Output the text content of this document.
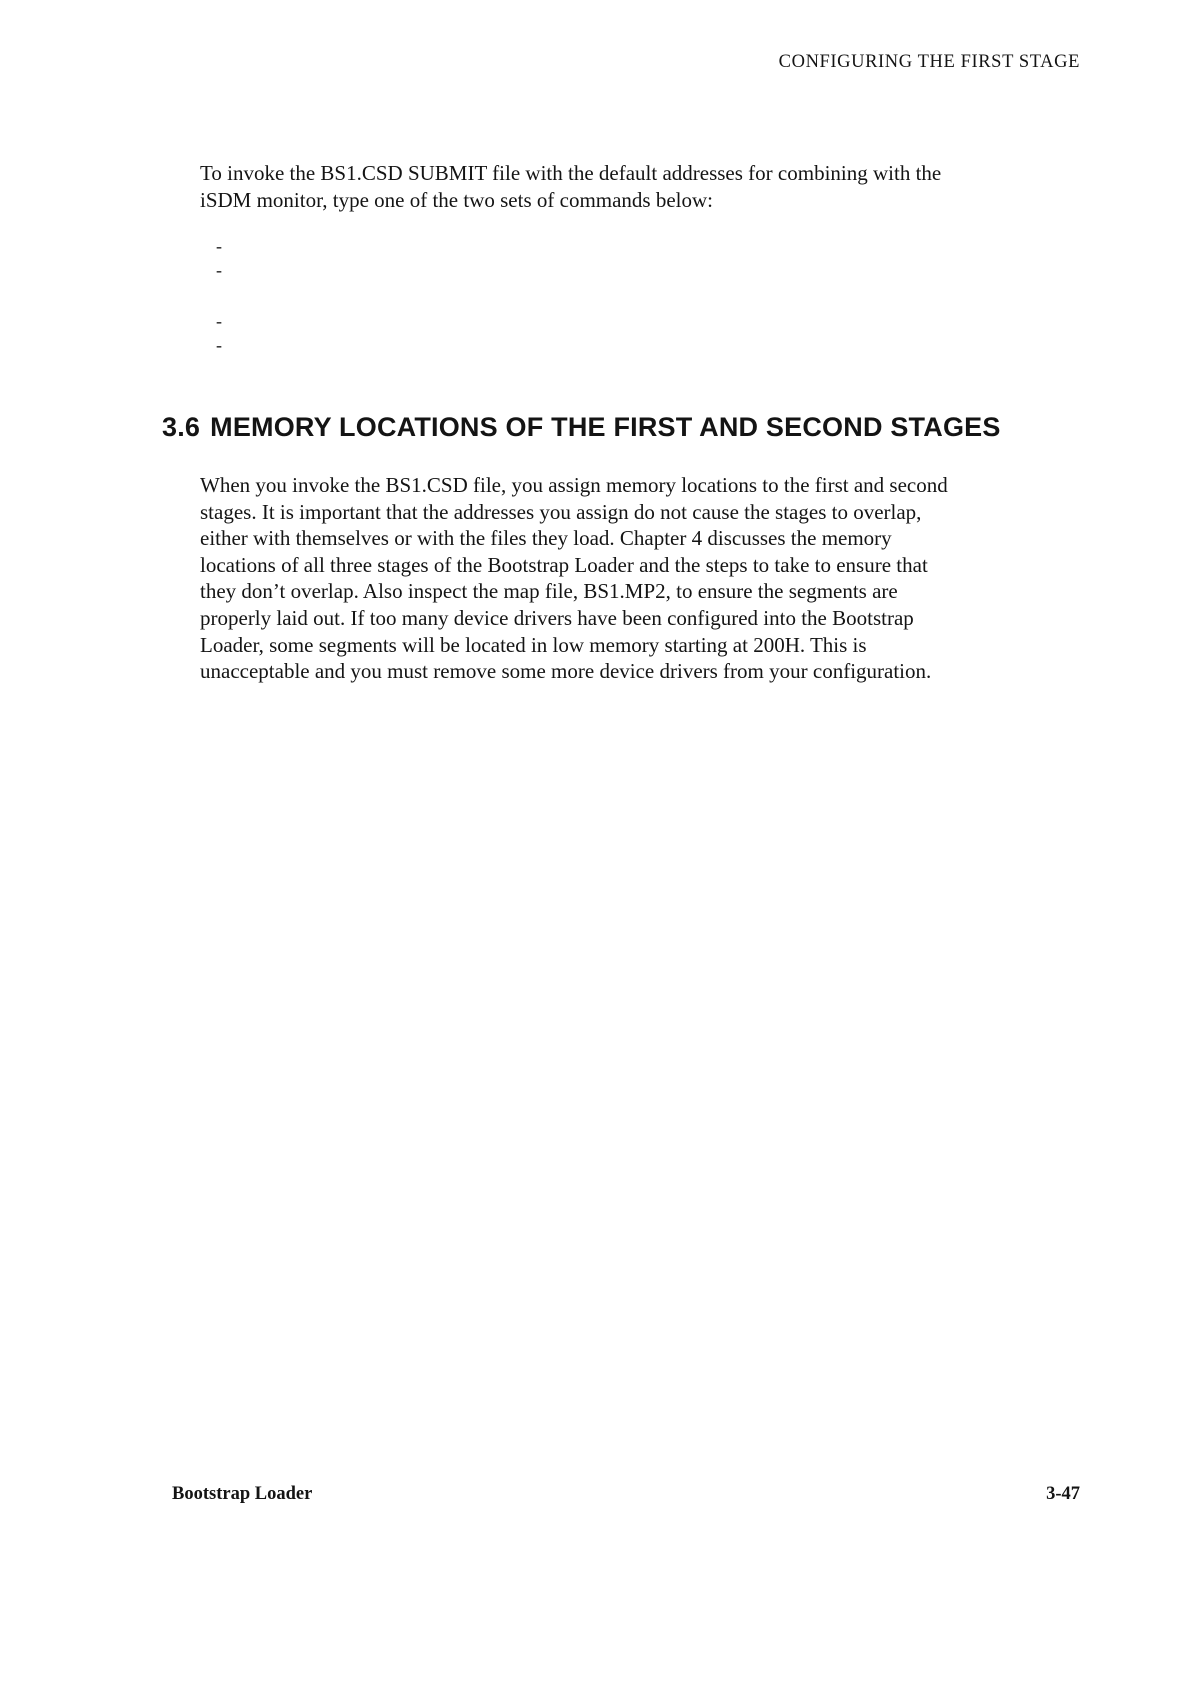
CONFIGURING THE FIRST STAGE

To invoke the BS1.CSD SUBMIT file with the default addresses for combining with the
iSDM monitor, type one of the two sets of commands below:

-
-
-
-
3.6 MEMORY LOCATIONS OF THE FIRST AND SECOND STAGES

When you invoke the BS1.CSD file, you assign memory locations to the first and second
stages. It is important that the addresses you assign do not cause the stages to overlap,
either with themselves or with the files they load. Chapter 4 discusses the memory
locations of all three stages of the Bootstrap Loader and the steps to take to ensure that
they don’t overlap. Also inspect the map file, BS1.MP2, to ensure the segments are
properly laid out. If too many device drivers have been configured into the Bootstrap
Loader, some segments will be located in low memory starting at 200H. This is
unacceptable and you must remove some more device drivers from your configuration.

Bootstrap Loader	3-47
